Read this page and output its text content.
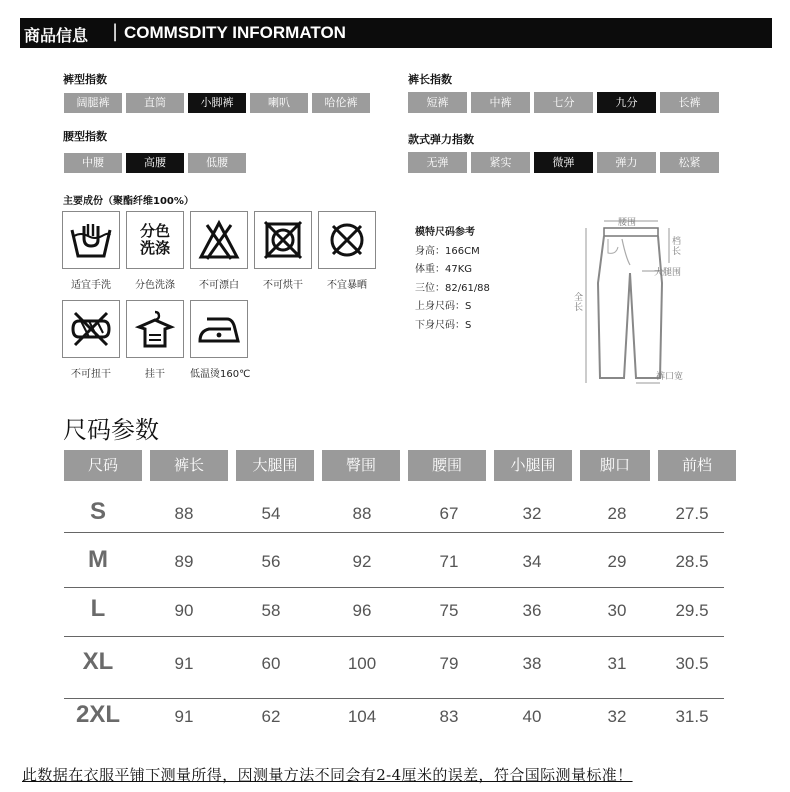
商品信息 | COMMSDITY INFORMATON
裤型指数
阔腿裤	直筒	小脚裤	喇叭	哈伦裤
腰型指数
中腰	高腰	低腰
裤长指数
短裤	中裤	七分	九分	长裤
款式弹力指数
无弹	紧实	微弹	弹力	松紧
主要成份（聚酯纤维100%）
适宜手洗
分色
洗涤
分色洗涤	不可漂白	不可烘干	不宜暴晒
不可扭干	挂干	低温烫160℃
模特尺码参考
身高：166CM
体重：47KG
三位：82/61/88
上身尺码：S
下身尺码：S
腰围
档长
大腿围
全长
裤口宽
尺码参数
尺码	裤长	大腿围	臀围	腰围	小腿围	脚口	前档
S	88	54	88	67	32	28	27.5
M	89	56	92	71	34	29	28.5
L	90	58	96	75	36	30	29.5
XL	91	60	100	79	38	31	30.5
2XL	91	62	104	83	40	32	31.5
此数据在衣服平铺下测量所得，因测量方法不同会有2-4厘米的误差，符合国际测量标准！
